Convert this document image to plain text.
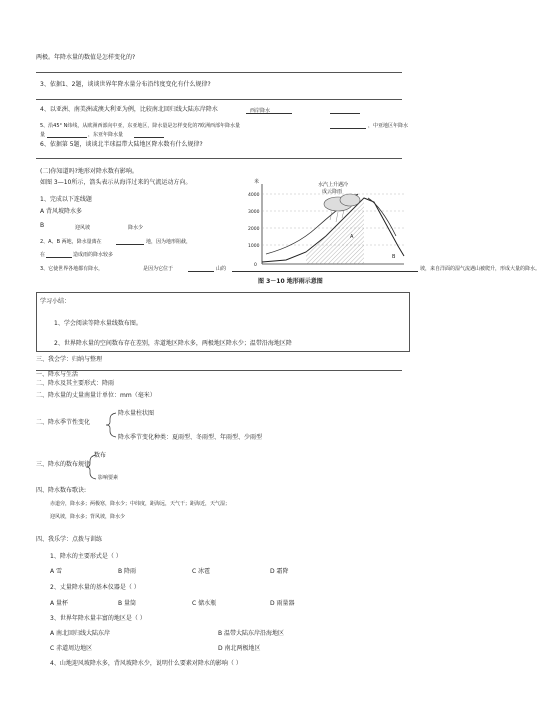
两极。年降水量的数值是怎样变化的?
3、依据1、2题，谈谈世界年降水量分布沿纬度变化有什么规律?
4、以亚洲、南美洲或澳大利亚为例，比较南北回归线大陆东岸降水	西岸降水
5、沿45° N纬线，从欧洲西部向中亚，东亚地区，降水量是怎样变化的?欧洲西部年降水量	，中亚地区年降水
量	，东亚年降水量
6、依据第 5题，谈谈北半球温带大陆地区降水数有什么规律?
(二)你知道吗?地形对降水数有影响。
如图 3—10所示，箭头表示从海洋过来的气流运动方向。
1、完成以下连线题
A 背风坡降水多
B	迎风坡	降水少
2、A、B 两地，降水量离在	地，因为地形阻截，
在	造成雨的降水较多
3、它使世界各地都有降水，	是因为它位于	山的	坡，来自洋面的湿气流遇山被爬升，形成大量的降水。
米
4000
3000
2000
1000
0
水汽上升遇冷
成云降雨
A
B
图 3－10 地形雨示意图
学习小结：
1、学会阅读等降水量线数布图。
2、世界降水量的空间数布存在差别，赤道地区降水多，两极地区降水少；温带沿海地区降
三、我会学：归纳与整理
一、降水与生活
二、降水及其主要形式：降雨
二、降水量的丈量南量计单位：mm（毫米）
降水量柱状图
二、降水季节性变化
降水季节变化种类：夏雨型、冬雨型、年雨型、少雨型
数布
三、降水的数布规律
影响要素
四、降水数布歌诀:
赤道旁，降水多；两极寒，降水少；中纬度，距海远，天气干；距海近，天气湿；
迎风坡，降水多；背风坡，降水少
四、我乐学：点拨与训练
1、降水的主要形式是（ ）
A 雪	B 降雨	C 冰雹	D 霜降
2、丈量降水量的基本仪器是（ ）
A 量杯	B 量筒	C 储水瓶	D 雨量器
3、世界年降水量丰富的地区是（ ）
A 南北回归线大陆东岸	B 温带大陆东岸沿海地区
C 赤道周边地区	D 南北两极地区
4、山地迎风坡降水多，背风坡降水少，说明什么要素对降水的影响（ ）
